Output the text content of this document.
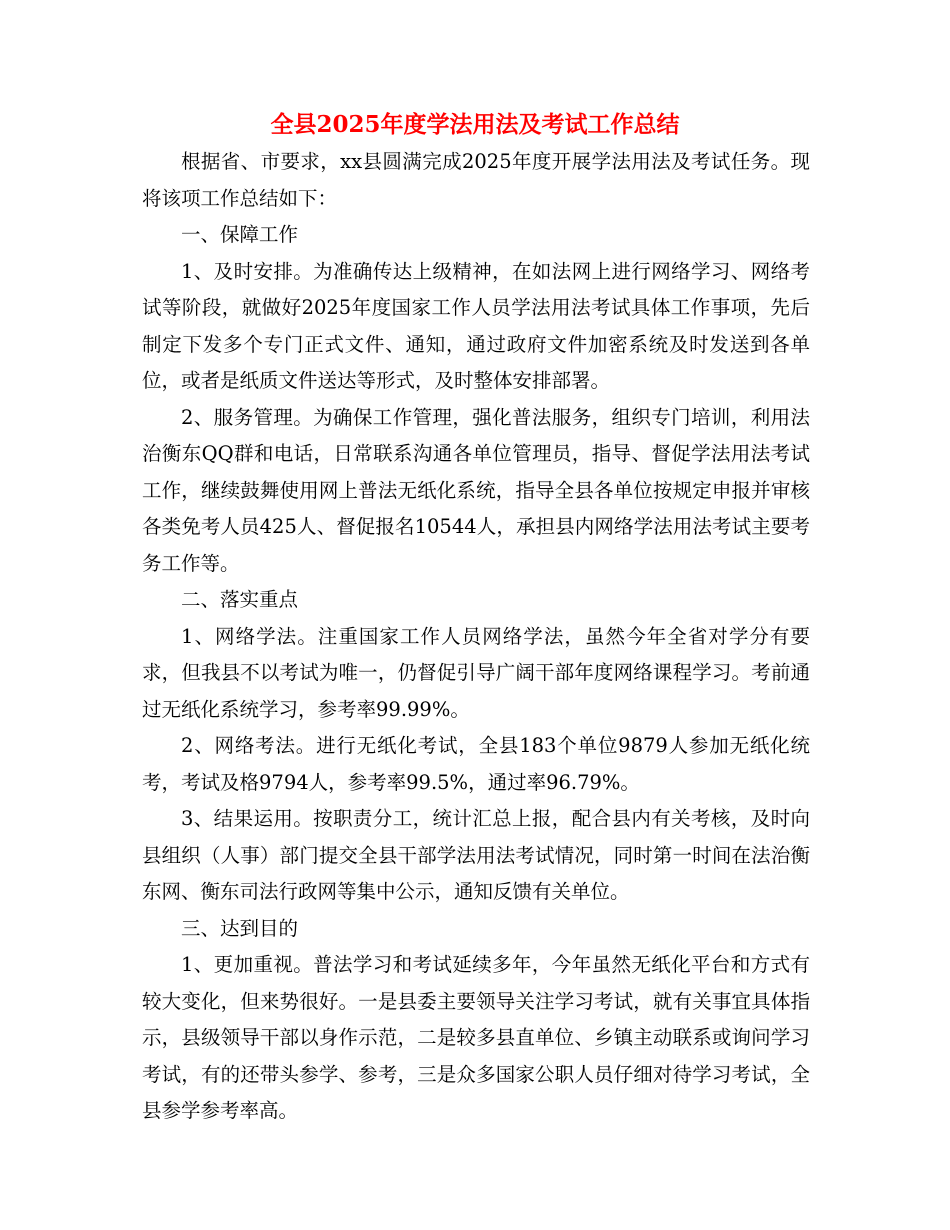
全县2025年度学法用法及考试工作总结

根据省、市要求，xx县圆满完成2025年度开展学法用法及考试任务。现将该项工作总结如下：

一、保障工作

1、及时安排。为准确传达上级精神，在如法网上进行网络学习、网络考试等阶段，就做好2025年度国家工作人员学法用法考试具体工作事项，先后制定下发多个专门正式文件、通知，通过政府文件加密系统及时发送到各单位，或者是纸质文件送达等形式，及时整体安排部署。

2、服务管理。为确保工作管理，强化普法服务，组织专门培训，利用法治衡东QQ群和电话，日常联系沟通各单位管理员，指导、督促学法用法考试工作，继续鼓舞使用网上普法无纸化系统，指导全县各单位按规定申报并审核各类免考人员425人、督促报名10544人，承担县内网络学法用法考试主要考务工作等。

二、落实重点

1、网络学法。注重国家工作人员网络学法，虽然今年全省对学分有要求，但我县不以考试为唯一，仍督促引导广阔干部年度网络课程学习。考前通过无纸化系统学习，参考率99.99%。

2、网络考法。进行无纸化考试，全县183个单位9879人参加无纸化统考，考试及格9794人，参考率99.5%，通过率96.79%。

3、结果运用。按职责分工，统计汇总上报，配合县内有关考核，及时向县组织（人事）部门提交全县干部学法用法考试情况，同时第一时间在法治衡东网、衡东司法行政网等集中公示，通知反馈有关单位。

三、达到目的

1、更加重视。普法学习和考试延续多年，今年虽然无纸化平台和方式有较大变化，但来势很好。一是县委主要领导关注学习考试，就有关事宜具体指示，县级领导干部以身作示范，二是较多县直单位、乡镇主动联系或询问学习考试，有的还带头参学、参考，三是众多国家公职人员仔细对待学习考试，全县参学参考率高。
